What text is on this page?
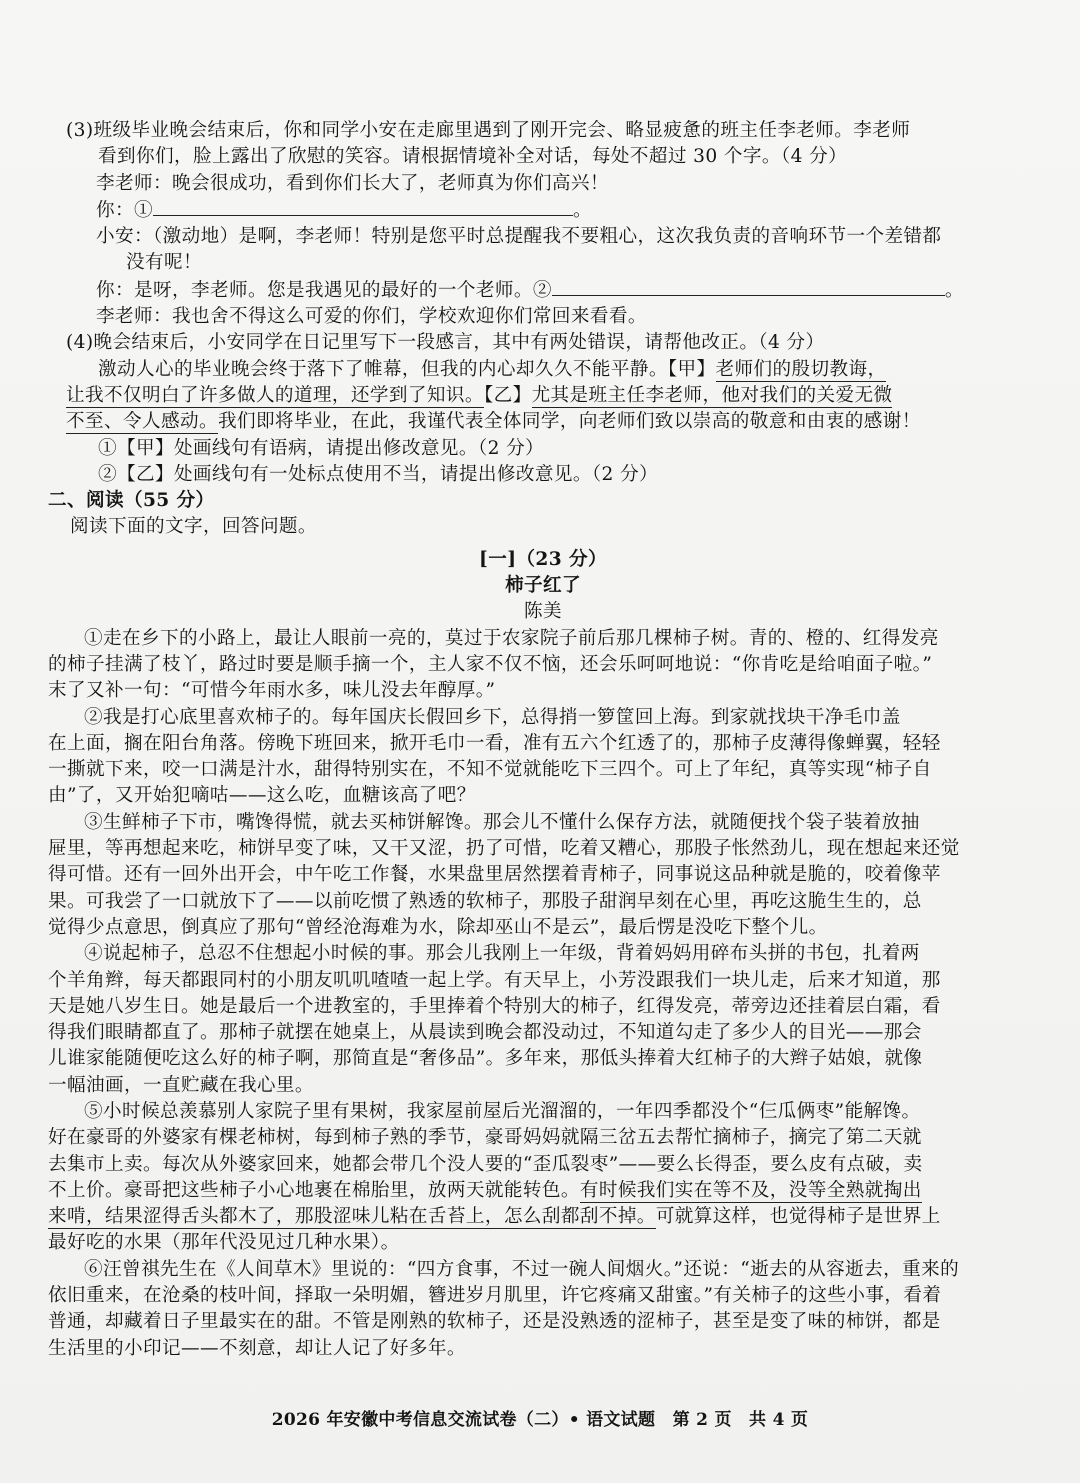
(3)班级毕业晚会结束后，你和同学小安在走廊里遇到了刚开完会、略显疲惫的班主任李老师。李老师
看到你们，脸上露出了欣慰的笑容。请根据情境补全对话，每处不超过 30 个字。（4 分）
李老师：晚会很成功，看到你们长大了，老师真为你们高兴！
你：①	。
小安：（激动地）是啊，李老师！特别是您平时总提醒我不要粗心，这次我负责的音响环节一个差错都
没有呢！
你：是呀，李老师。您是我遇见的最好的一个老师。②	。
李老师：我也舍不得这么可爱的你们，学校欢迎你们常回来看看。
(4)晚会结束后，小安同学在日记里写下一段感言，其中有两处错误，请帮他改正。（4 分）
激动人心的毕业晚会终于落下了帷幕，但我的内心却久久不能平静。【甲】老师们的殷切教诲，
让我不仅明白了许多做人的道理，还学到了知识。【乙】尤其是班主任李老师，他对我们的关爱无微
不至、令人感动。我们即将毕业，在此，我谨代表全体同学，向老师们致以崇高的敬意和由衷的感谢！
①【甲】处画线句有语病，请提出修改意见。（2 分）
②【乙】处画线句有一处标点使用不当，请提出修改意见。（2 分）
二、阅读（55 分）
阅读下面的文字，回答问题。
[一]（23 分）
柿子红了
陈美
①走在乡下的小路上，最让人眼前一亮的，莫过于农家院子前后那几棵柿子树。青的、橙的、红得发亮
的柿子挂满了枝丫，路过时要是顺手摘一个，主人家不仅不恼，还会乐呵呵地说：“你肯吃是给咱面子啦。”
末了又补一句：“可惜今年雨水多，味儿没去年醇厚。”
②我是打心底里喜欢柿子的。每年国庆长假回乡下，总得捎一箩筐回上海。到家就找块干净毛巾盖
在上面，搁在阳台角落。傍晚下班回来，掀开毛巾一看，准有五六个红透了的，那柿子皮薄得像蝉翼，轻轻
一撕就下来，咬一口满是汁水，甜得特别实在，不知不觉就能吃下三四个。可上了年纪，真等实现“柿子自
由”了，又开始犯嘀咕——这么吃，血糖该高了吧？
③生鲜柿子下市，嘴馋得慌，就去买柿饼解馋。那会儿不懂什么保存方法，就随便找个袋子装着放抽
屉里，等再想起来吃，柿饼早变了味，又干又涩，扔了可惜，吃着又糟心，那股子怅然劲儿，现在想起来还觉
得可惜。还有一回外出开会，中午吃工作餐，水果盘里居然摆着青柿子，同事说这品种就是脆的，咬着像苹
果。可我尝了一口就放下了——以前吃惯了熟透的软柿子，那股子甜润早刻在心里，再吃这脆生生的，总
觉得少点意思，倒真应了那句“曾经沧海难为水，除却巫山不是云”，最后愣是没吃下整个儿。
④说起柿子，总忍不住想起小时候的事。那会儿我刚上一年级，背着妈妈用碎布头拼的书包，扎着两
个羊角辫，每天都跟同村的小朋友叽叽喳喳一起上学。有天早上，小芳没跟我们一块儿走，后来才知道，那
天是她八岁生日。她是最后一个进教室的，手里捧着个特别大的柿子，红得发亮，蒂旁边还挂着层白霜，看
得我们眼睛都直了。那柿子就摆在她桌上，从晨读到晚会都没动过，不知道勾走了多少人的目光——那会
儿谁家能随便吃这么好的柿子啊，那简直是“奢侈品”。多年来，那低头捧着大红柿子的大辫子姑娘，就像
一幅油画，一直贮藏在我心里。
⑤小时候总羡慕别人家院子里有果树，我家屋前屋后光溜溜的，一年四季都没个“仨瓜俩枣”能解馋。
好在豪哥的外婆家有棵老柿树，每到柿子熟的季节，豪哥妈妈就隔三岔五去帮忙摘柿子，摘完了第二天就
去集市上卖。每次从外婆家回来，她都会带几个没人要的“歪瓜裂枣”——要么长得歪，要么皮有点破，卖
不上价。豪哥把这些柿子小心地裹在棉胎里，放两天就能转色。有时候我们实在等不及，没等全熟就掏出
来啃，结果涩得舌头都木了，那股涩味儿粘在舌苔上，怎么刮都刮不掉。可就算这样，也觉得柿子是世界上
最好吃的水果（那年代没见过几种水果）。
⑥汪曾祺先生在《人间草木》里说的：“四方食事，不过一碗人间烟火。”还说：“逝去的从容逝去，重来的
依旧重来，在沧桑的枝叶间，择取一朵明媚，簪进岁月肌里，许它疼痛又甜蜜。”有关柿子的这些小事，看着
普通，却藏着日子里最实在的甜。不管是刚熟的软柿子，还是没熟透的涩柿子，甚至是变了味的柿饼，都是
生活里的小印记——不刻意，却让人记了好多年。
2026 年安徽中考信息交流试卷（二）• 语文试题　第 2 页　共 4 页
